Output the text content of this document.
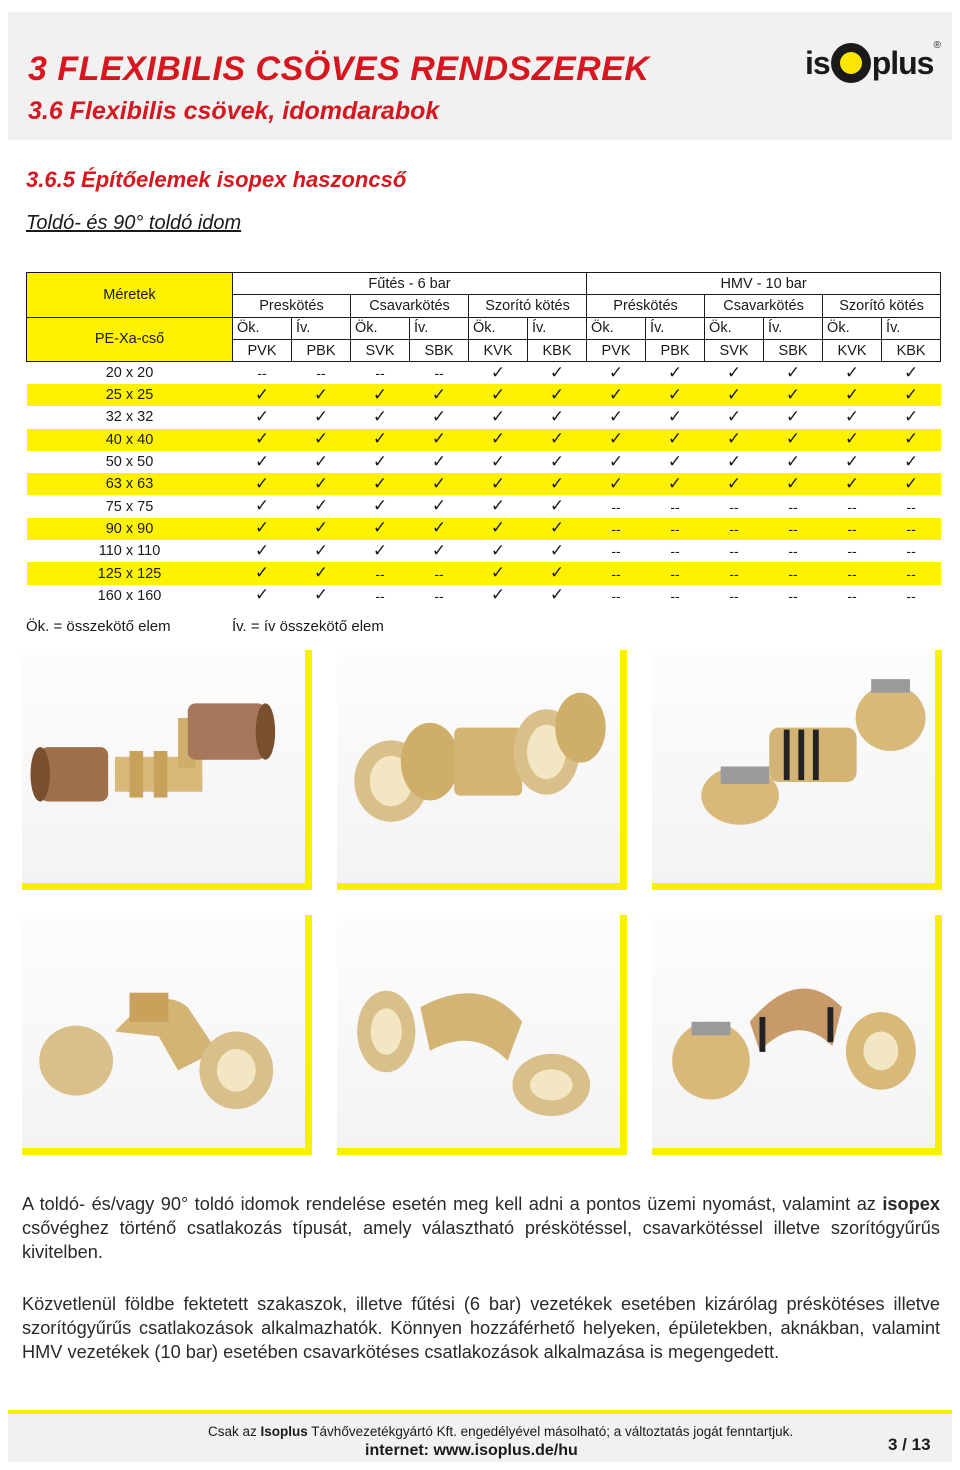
3 FLEXIBILIS CSÖVES RENDSZEREK
3.6 Flexibilis csövek, idomdarabok
is plus ®
3.6.5 Építőelemek isopex haszoncső
Toldó- és 90° toldó idom
Méretek	Fűtés - 6 bar						HMV - 10 bar					
	Preskötés		Csavarkötés		Szorító kötés		Préskötés		Csavarkötés		Szorító kötés	
PE-Xa-cső	Ök.	Ív.	Ök.	Ív.	Ök.	Ív.	Ök.	Ív.	Ök.	Ív.	Ök.	Ív.
	PVK	PBK	SVK	SBK	KVK	KBK	PVK	PBK	SVK	SBK	KVK	KBK
20 x 20	--	--	--	--	✓	✓	✓	✓	✓	✓	✓	✓
25 x 25	✓	✓	✓	✓	✓	✓	✓	✓	✓	✓	✓	✓
32 x 32	✓	✓	✓	✓	✓	✓	✓	✓	✓	✓	✓	✓
40 x 40	✓	✓	✓	✓	✓	✓	✓	✓	✓	✓	✓	✓
50 x 50	✓	✓	✓	✓	✓	✓	✓	✓	✓	✓	✓	✓
63 x 63	✓	✓	✓	✓	✓	✓	✓	✓	✓	✓	✓	✓
75 x 75	✓	✓	✓	✓	✓	✓	--	--	--	--	--	--
90 x 90	✓	✓	✓	✓	✓	✓	--	--	--	--	--	--
110 x 110	✓	✓	✓	✓	✓	✓	--	--	--	--	--	--
125 x 125	✓	✓	--	--	✓	✓	--	--	--	--	--	--
160 x 160	✓	✓	--	--	✓	✓	--	--	--	--	--	--
Ök. = összekötő elem	Ív. = ív összekötő elem
A toldó- és/vagy 90° toldó idomok rendelése esetén meg kell adni a pontos üzemi nyomást, valamint az isopex csővéghez történő csatlakozás típusát, amely választható préskötéssel, csavarkötéssel illetve szorítógyűrűs kivitelben.
Közvetlenül földbe fektetett szakaszok, illetve fűtési (6 bar) vezetékek esetében kizárólag préskötéses illetve szorítógyűrűs csatlakozások alkalmazhatók. Könnyen hozzáférhető helyeken, épületekben, aknákban, valamint HMV vezetékek (10 bar) esetében csavarkötéses csatlakozások alkalmazása is megengedett.
Csak az Isoplus Távhővezetékgyártó Kft. engedélyével másolható; a változtatás jogát fenntartjuk.
internet: www.isoplus.de/hu	3 / 13
